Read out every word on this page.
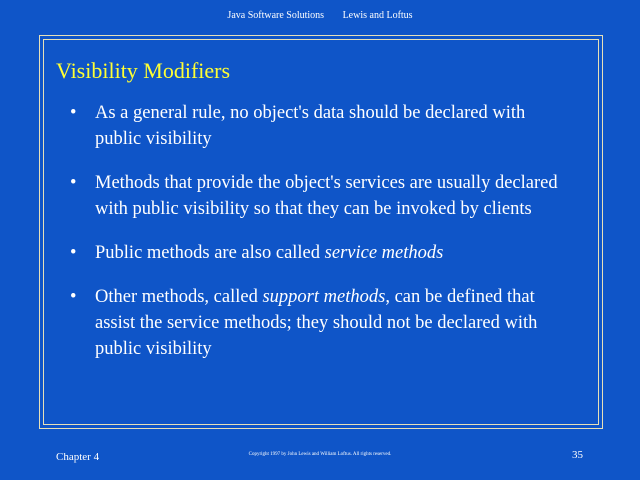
Java Software Solutions Lewis and Loftus
Visibility Modifiers
•	As a general rule, no object's data should be declared with public visibility
•	Methods that provide the object's services are usually declared with public visibility so that they can be invoked by clients
•	Public methods are also called service methods
•	Other methods, called support methods, can be defined that assist the service methods; they should not be declared with public visibility
Chapter 4	Copyright 1997 by John Lewis and William Loftus. All rights reserved.	35
